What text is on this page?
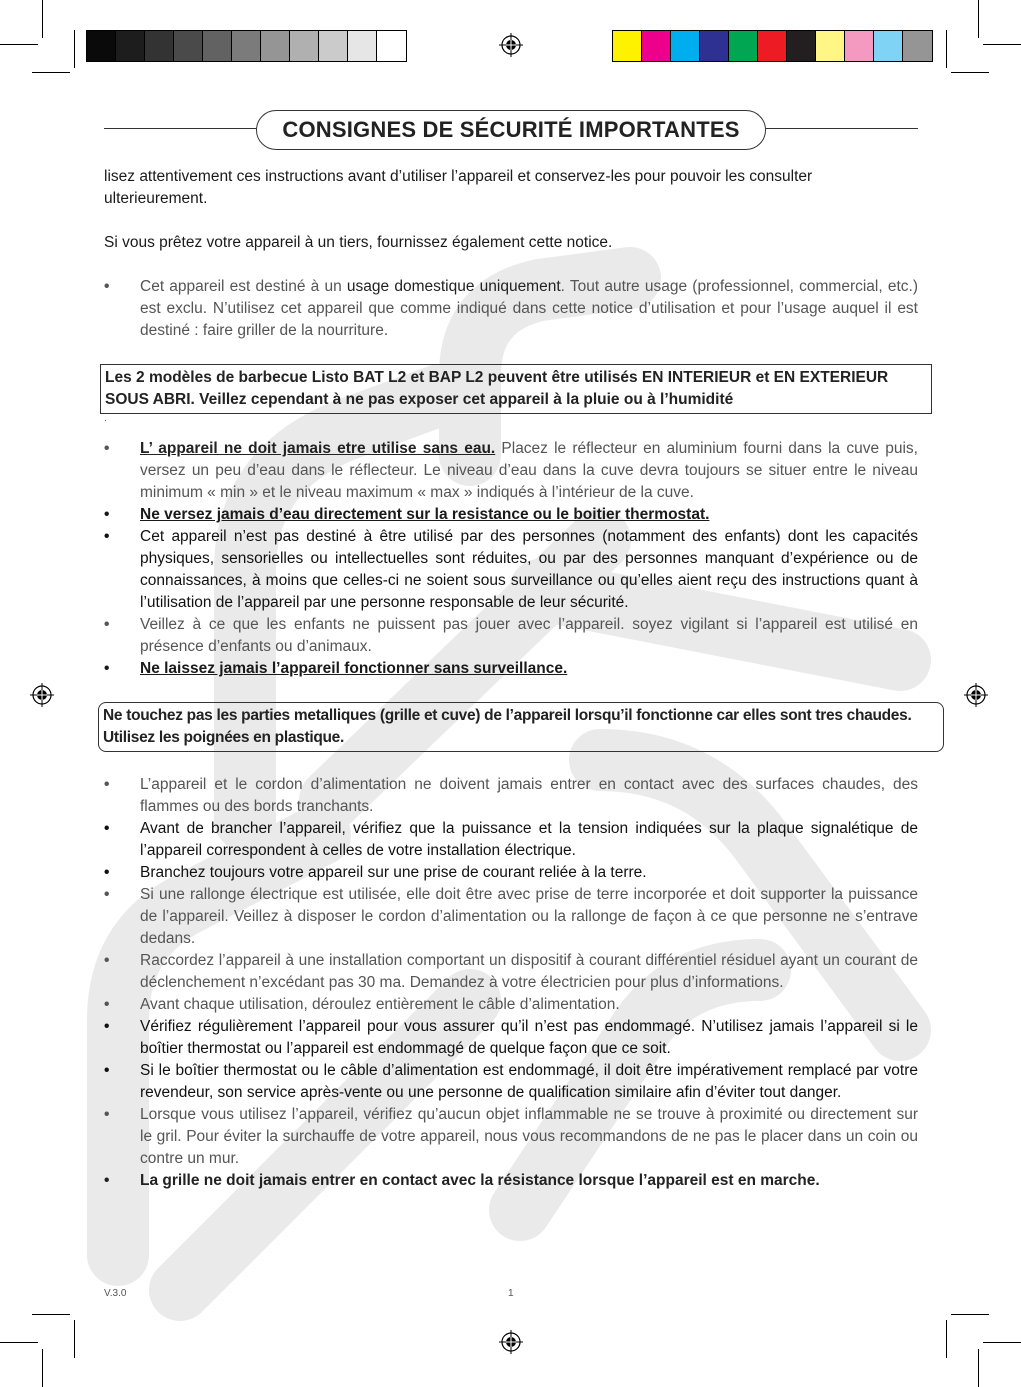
CONSIGNES DE SÉCURITÉ IMPORTANTES

lisez attentivement ces instructions avant d’utiliser l’appareil et conservez-les pour pouvoir les consulter ulterieurement.

Si vous prêtez votre appareil à un tiers, fournissez également cette notice.

• Cet appareil est destiné à un usage domestique uniquement. Tout autre usage (professionnel, commercial, etc.) est exclu. N’utilisez cet appareil que comme indiqué dans cette notice d’utilisation et pour l’usage auquel il est destiné : faire griller de la nourriture.
Les 2 modèles de barbecue Listo BAT L2 et BAP L2 peuvent être utilisés EN INTERIEUR et EN EXTERIEUR SOUS ABRI. Veillez cependant à ne pas exposer cet appareil à la pluie ou à l’humidité
.
• L’ appareil ne doit jamais etre utilise sans eau. Placez le réflecteur en aluminium fourni dans la cuve puis, versez un peu d’eau dans le réflecteur. Le niveau d’eau dans la cuve devra toujours se situer entre le niveau minimum « min » et le niveau maximum « max » indiqués à l’intérieur de la cuve.
• Ne versez jamais d’eau directement sur la resistance ou le boitier thermostat.
• Cet appareil n’est pas destiné à être utilisé par des personnes (notamment des enfants) dont les capacités physiques, sensorielles ou intellectuelles sont réduites, ou par des personnes manquant d’expérience ou de connaissances, à moins que celles-ci ne soient sous surveillance ou qu’elles aient reçu des instructions quant à l’utilisation de l’appareil par une personne responsable de leur sécurité.
• Veillez à ce que les enfants ne puissent pas jouer avec l’appareil. soyez vigilant si l’appareil est utilisé en présence d’enfants ou d’animaux.
• Ne laissez jamais l’appareil fonctionner sans surveillance.
Ne touchez pas les parties metalliques (grille et cuve) de l’appareil lorsqu’il fonctionne car elles sont tres chaudes. Utilisez les poignées en plastique.
• L’appareil et le cordon d’alimentation ne doivent jamais entrer en contact avec des surfaces chaudes, des flammes ou des bords tranchants.
• Avant de brancher l’appareil, vérifiez que la puissance et la tension indiquées sur la plaque signalétique de l’appareil correspondent à celles de votre installation électrique.
• Branchez toujours votre appareil sur une prise de courant reliée à la terre.
• Si une rallonge électrique est utilisée, elle doit être avec prise de terre incorporée et doit supporter la puissance de l’appareil. Veillez à disposer le cordon d’alimentation ou la rallonge de façon à ce que personne ne s’entrave dedans.
• Raccordez l’appareil à une installation comportant un dispositif à courant différentiel résiduel ayant un courant de déclenchement n’excédant pas 30 ma. Demandez à votre électricien pour plus d’informations.
• Avant chaque utilisation, déroulez entièrement le câble d’alimentation.
• Vérifiez régulièrement l’appareil pour vous assurer qu’il n’est pas endommagé. N’utilisez jamais l’appareil si le boîtier thermostat ou l’appareil est endommagé de quelque façon que ce soit.
• Si le boîtier thermostat ou le câble d’alimentation est endommagé, il doit être impérativement remplacé par votre revendeur, son service après-vente ou une personne de qualification similaire afin d’éviter tout danger.
• Lorsque vous utilisez l’appareil, vérifiez qu’aucun objet inflammable ne se trouve à proximité ou directement sur le gril. Pour éviter la surchauffe de votre appareil, nous vous recommandons de ne pas le placer dans un coin ou contre un mur.
• La grille ne doit jamais entrer en contact avec la résistance lorsque l’appareil est en marche.
V.3.0	1
